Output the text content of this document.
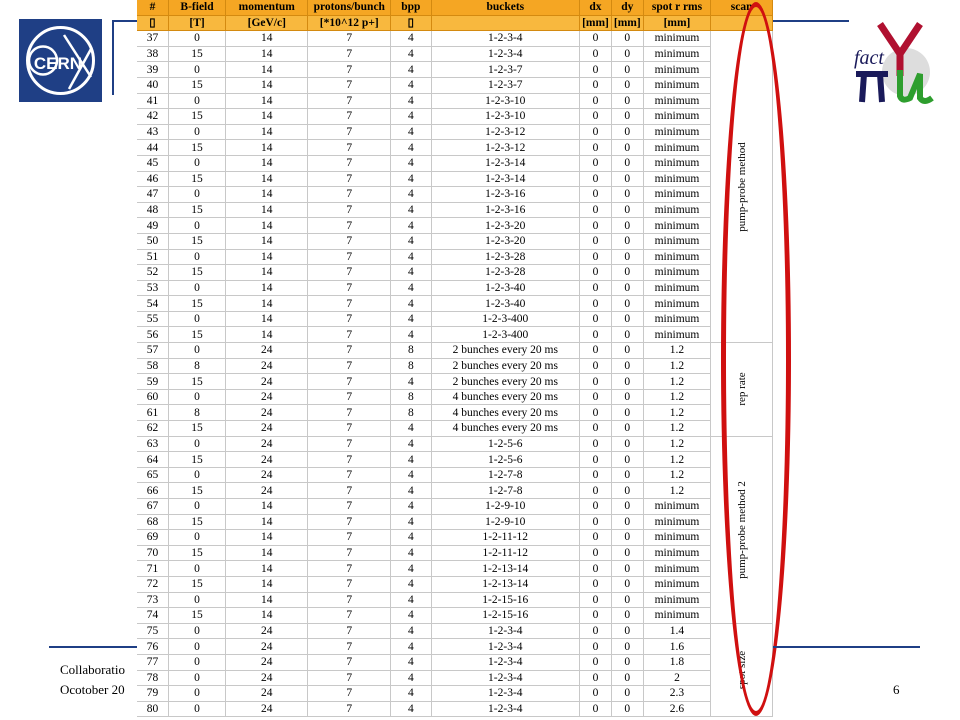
CERN	fact
#	B-field	momentum	protons/bunch	bpp	buckets	dx	dy	spot r rms	scan
▯	[T]	[GeV/c]	[*10^12 p+]	▯		[mm]	[mm]	[mm]	
37	0	14	7	4	1-2-3-4	0	0	minimum	pump-probe method

38	15	14	7	4	1-2-3-4	0	0	minimum	
39	0	14	7	4	1-2-3-7	0	0	minimum	
40	15	14	7	4	1-2-3-7	0	0	minimum	
41	0	14	7	4	1-2-3-10	0	0	minimum	
42	15	14	7	4	1-2-3-10	0	0	minimum	
43	0	14	7	4	1-2-3-12	0	0	minimum	
44	15	14	7	4	1-2-3-12	0	0	minimum	
45	0	14	7	4	1-2-3-14	0	0	minimum	
46	15	14	7	4	1-2-3-14	0	0	minimum	
47	0	14	7	4	1-2-3-16	0	0	minimum	
48	15	14	7	4	1-2-3-16	0	0	minimum	
49	0	14	7	4	1-2-3-20	0	0	minimum	
50	15	14	7	4	1-2-3-20	0	0	minimum	
51	0	14	7	4	1-2-3-28	0	0	minimum	
52	15	14	7	4	1-2-3-28	0	0	minimum	
53	0	14	7	4	1-2-3-40	0	0	minimum	
54	15	14	7	4	1-2-3-40	0	0	minimum	
55	0	14	7	4	1-2-3-400	0	0	minimum	
56	15	14	7	4	1-2-3-400	0	0	minimum	
57	0	24	7	8	2 bunches every 20 ms	0	0	1.2	rep rate

58	8	24	7	8	2 bunches every 20 ms	0	0	1.2	
59	15	24	7	4	2 bunches every 20 ms	0	0	1.2	
60	0	24	7	8	4 bunches every 20 ms	0	0	1.2	
61	8	24	7	8	4 bunches every 20 ms	0	0	1.2	
62	15	24	7	4	4 bunches every 20 ms	0	0	1.2	
63	0	24	7	4	1-2-5-6	0	0	1.2	pump-probe method 2

64	15	24	7	4	1-2-5-6	0	0	1.2	
65	0	24	7	4	1-2-7-8	0	0	1.2	
66	15	24	7	4	1-2-7-8	0	0	1.2	
67	0	14	7	4	1-2-9-10	0	0	minimum	
68	15	14	7	4	1-2-9-10	0	0	minimum	
69	0	14	7	4	1-2-11-12	0	0	minimum	
70	15	14	7	4	1-2-11-12	0	0	minimum	
71	0	14	7	4	1-2-13-14	0	0	minimum	
72	15	14	7	4	1-2-13-14	0	0	minimum	
73	0	14	7	4	1-2-15-16	0	0	minimum	
74	15	14	7	4	1-2-15-16	0	0	minimum	
75	0	24	7	4	1-2-3-4	0	0	1.4	spot size

76	0	24	7	4	1-2-3-4	0	0	1.6	
77	0	24	7	4	1-2-3-4	0	0	1.8	
78	0	24	7	4	1-2-3-4	0	0	2	
79	0	24	7	4	1-2-3-4	0	0	2.3	
80	0	24	7	4	1-2-3-4	0	0	2.6	
Collaboratio
Ocotober 20	6
